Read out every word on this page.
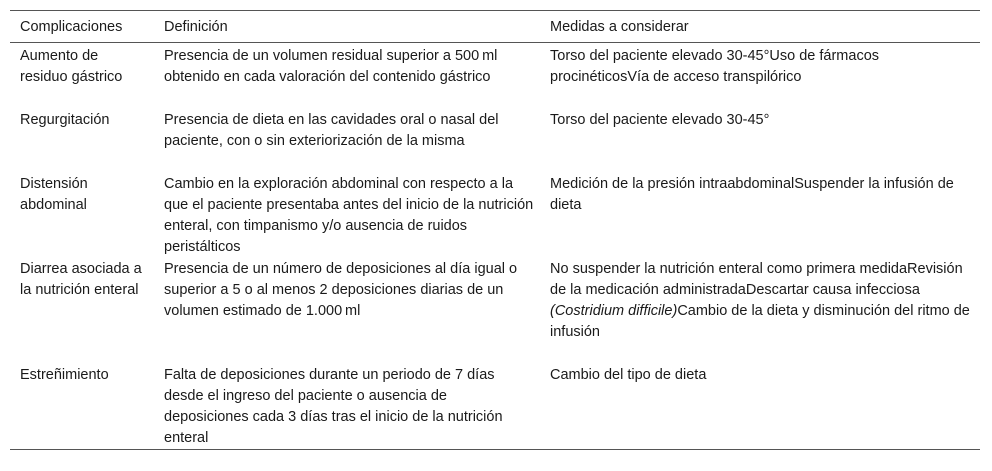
Complicaciones	Definición	Medidas a considerar
Aumento de residuo gástrico	Presencia de un volumen residual superior a 500 ml obtenido en cada valoración del contenido gástrico	Torso del paciente elevado 30-45°Uso de fármacos procinéticosVía de acceso transpilórico
Regurgitación	Presencia de dieta en las cavidades oral o nasal del paciente, con o sin exteriorización de la misma	Torso del paciente elevado 30-45°
Distensión abdominal	Cambio en la exploración abdominal con respecto a la que el paciente presentaba antes del inicio de la nutrición enteral, con timpanismo y/o ausencia de ruidos peristálticos	Medición de la presión intraabdominalSuspender la infusión de dieta
Diarrea asociada a la nutrición enteral	Presencia de un número de deposiciones al día igual o superior a 5 o al menos 2 deposiciones diarias de un volumen estimado de 1.000 ml	No suspender la nutrición enteral como primera medidaRevisión de la medicación administradaDescartar causa infecciosa (Costridium difficile)Cambio de la dieta y disminución del ritmo de infusión
Estreñimiento	Falta de deposiciones durante un periodo de 7 días desde el ingreso del paciente o ausencia de deposiciones cada 3 días tras el inicio de la nutrición enteral	Cambio del tipo de dieta
